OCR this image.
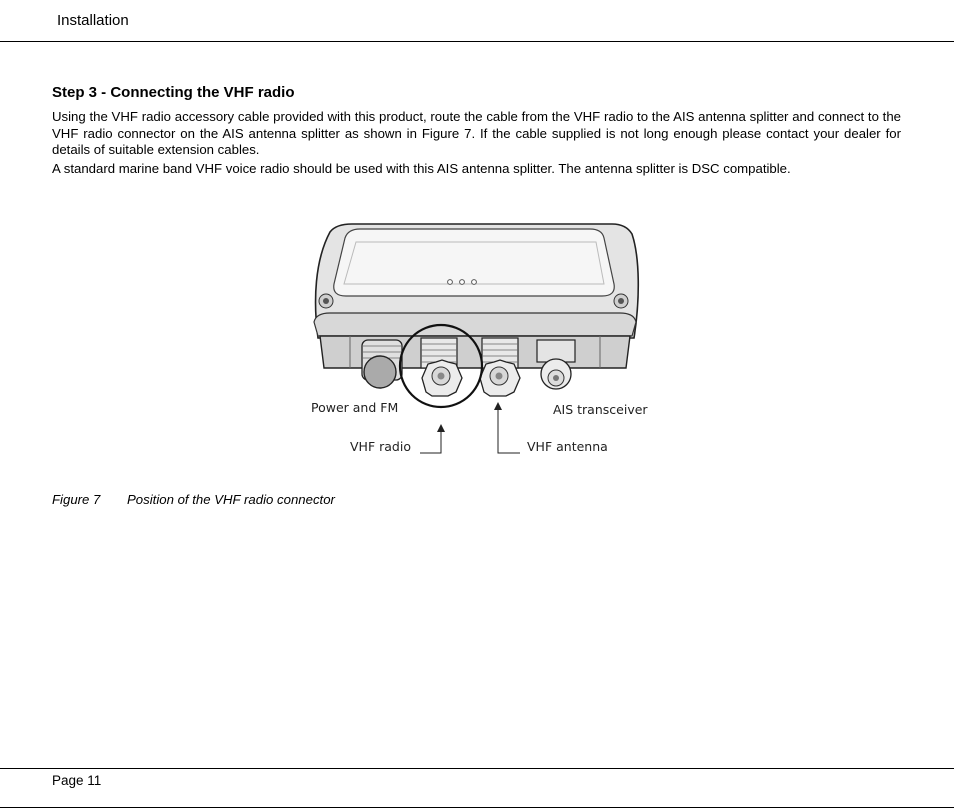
Installation
Step 3 - Connecting the VHF radio

Using the VHF radio accessory cable provided with this product, route the cable from the VHF radio to the AIS antenna splitter and connect to the VHF radio connector on the AIS antenna splitter as shown in Figure 7. If the cable supplied is not long enough please contact your dealer for details of suitable extension cables.

A standard marine band VHF voice radio should be used with this AIS antenna splitter. The antenna splitter is DSC compatible.

Power and FM	AIS transceiver
VHF radio	VHF antenna
Figure 7 Position of the VHF radio connector
Page 11
